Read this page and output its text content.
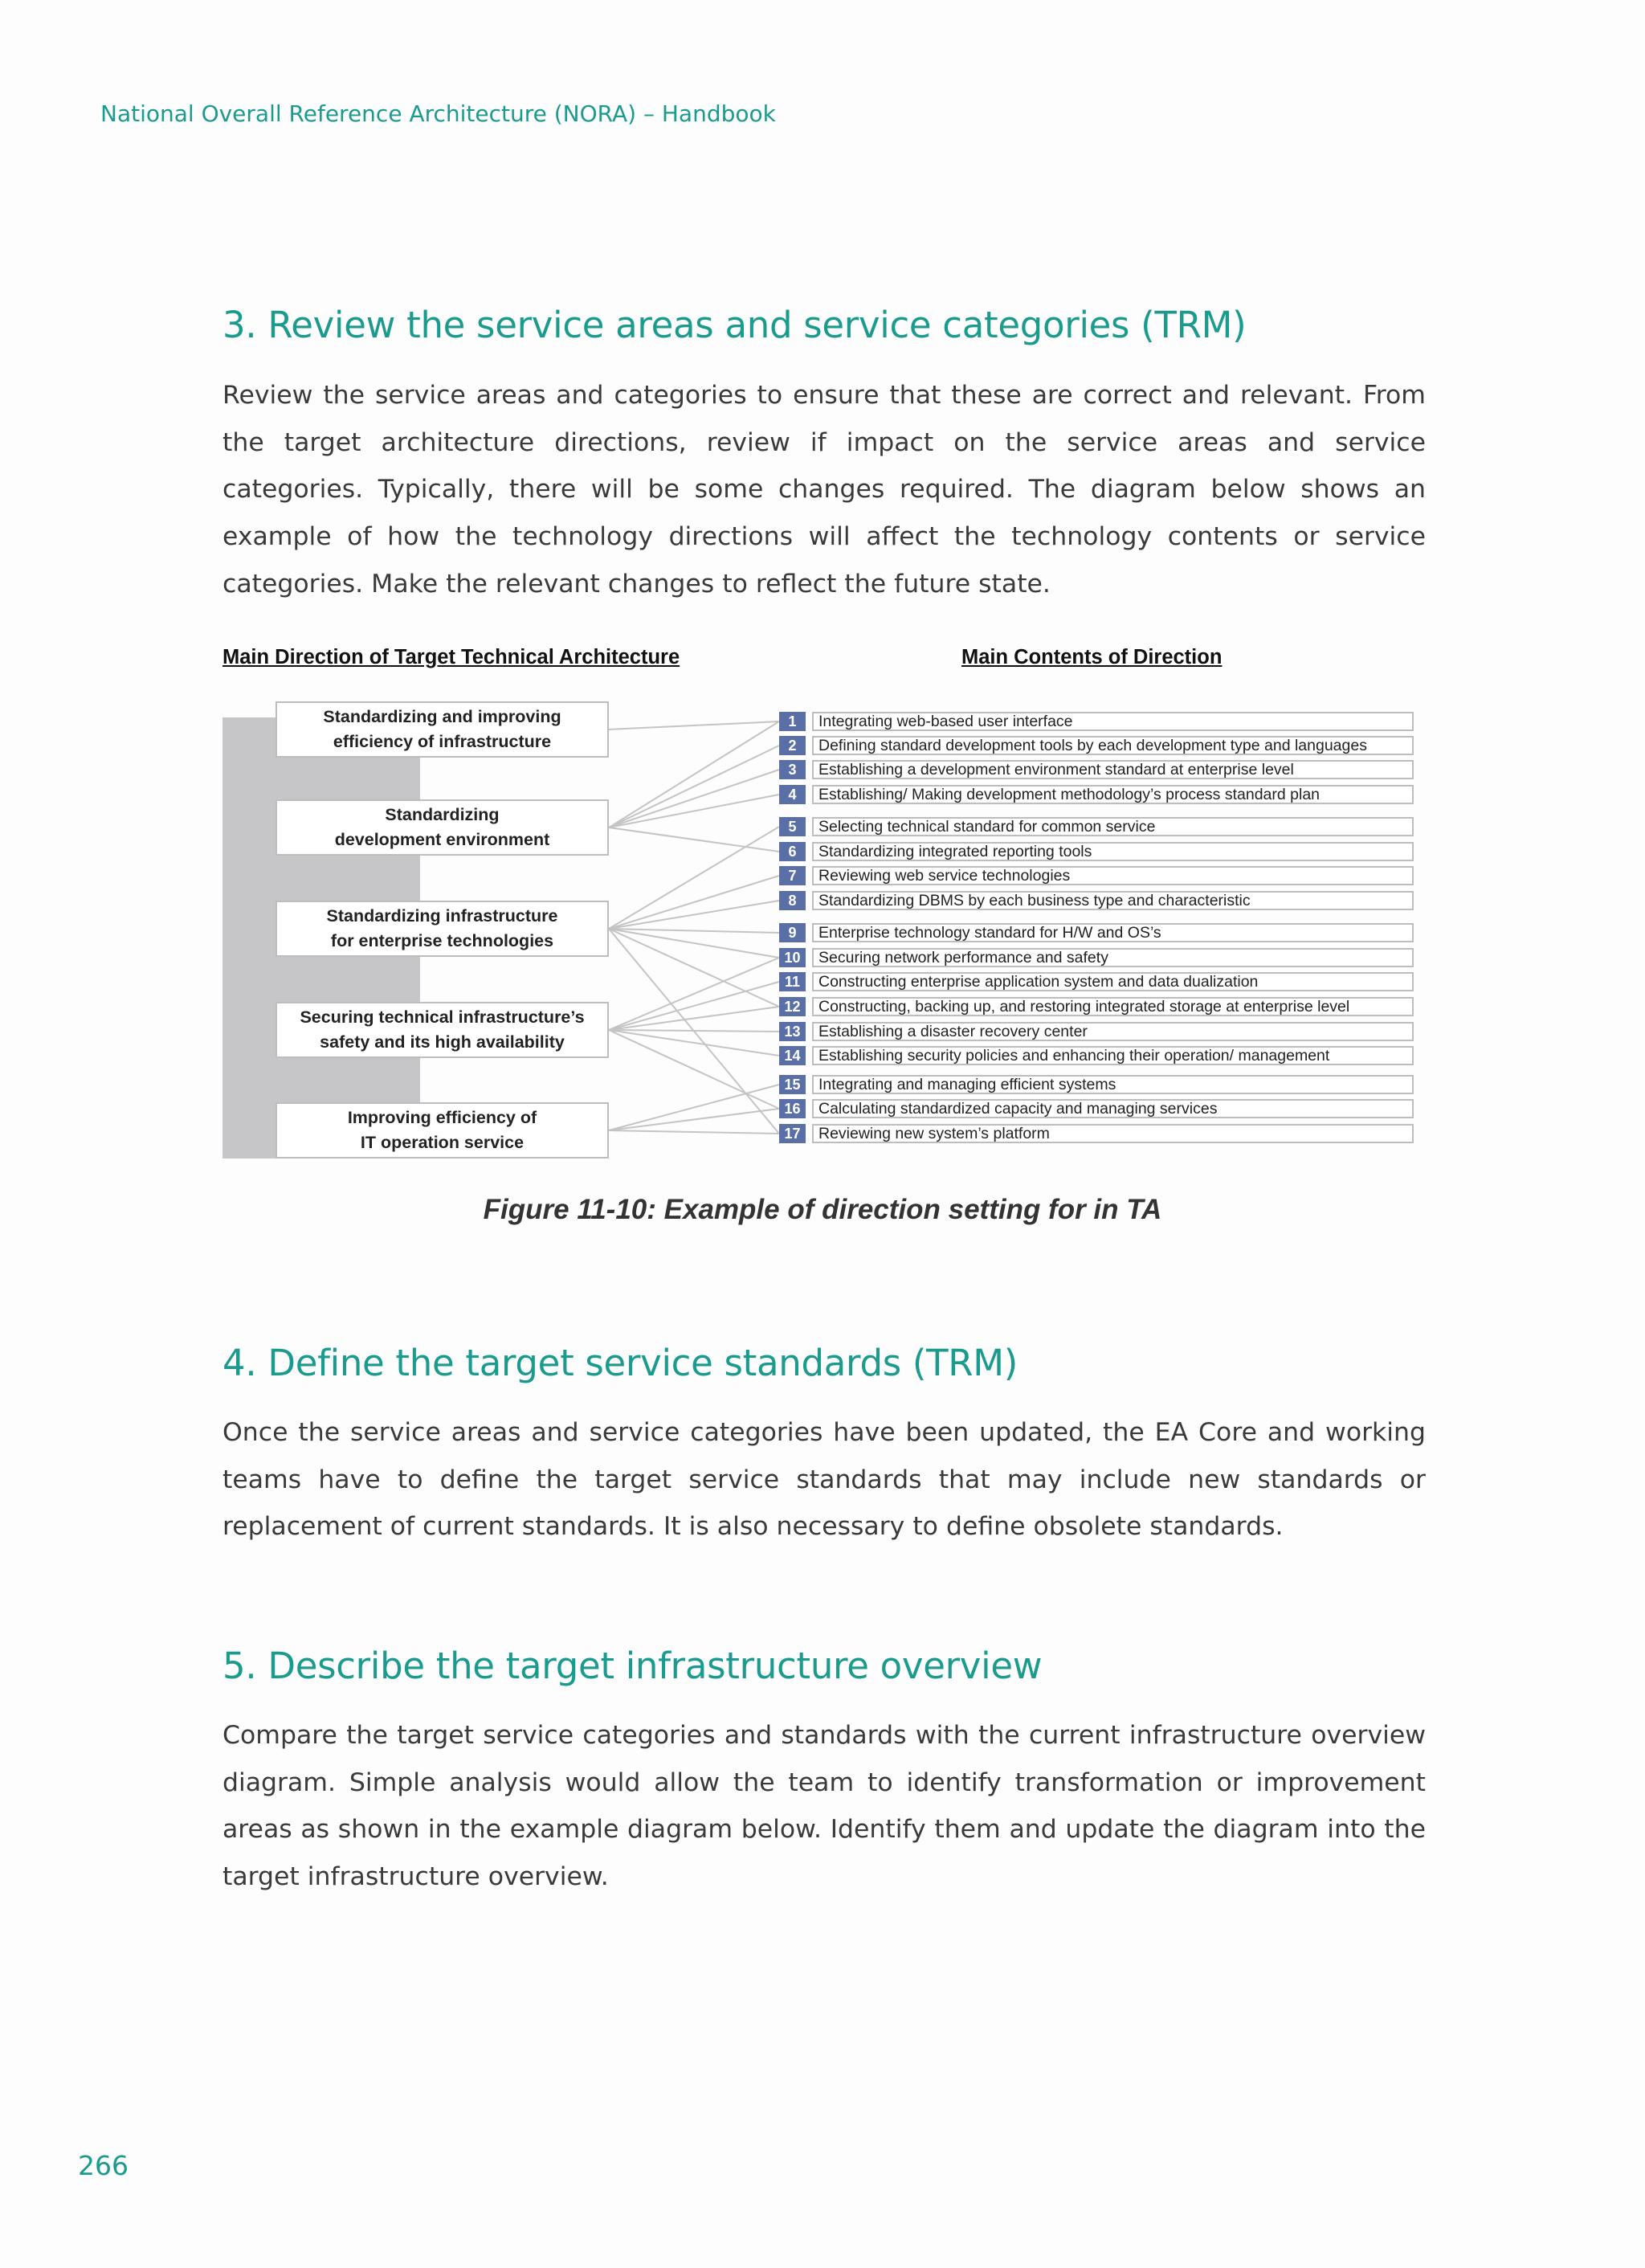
National Overall Reference Architecture (NORA) – Handbook
3. Review the service areas and service categories (TRM)

Review the service areas and categories to ensure that these are correct and relevant. From the target architecture directions, review if impact on the service areas and service categories. Typically, there will be some changes required. The diagram below shows an example of how the technology directions will affect the technology contents or service categories. Make the relevant changes to reflect the future state.

Main Direction of Target Technical Architecture	Main Contents of Direction
Standardizing and improving
efficiency of infrastructure
Standardizing
development environment
Standardizing infrastructure
for enterprise technologies
Securing technical infrastructure’s
safety and its high availability
Improving efficiency of
IT operation service
1	Integrating web-based user interface
2	Defining standard development tools by each development type and languages
3	Establishing a development environment standard at enterprise level
4	Establishing/ Making development methodology’s process standard plan
5	Selecting technical standard for common service
6	Standardizing integrated reporting tools
7	Reviewing web service technologies
8	Standardizing DBMS by each business type and characteristic
9	Enterprise technology standard for H/W and OS’s
10	Securing network performance and safety
11	Constructing enterprise application system and data dualization
12	Constructing, backing up, and restoring integrated storage at enterprise level
13	Establishing a disaster recovery center
14	Establishing security policies and enhancing their operation/ management
15	Integrating and managing efficient systems
16	Calculating standardized capacity and managing services
17	Reviewing new system’s platform
Figure 11-10: Example of direction setting for in TA
4. Define the target service standards (TRM)

Once the service areas and service categories have been updated, the EA Core and working teams have to define the target service standards that may include new standards or replacement of current standards. It is also necessary to define obsolete standards.

5. Describe the target infrastructure overview

Compare the target service categories and standards with the current infrastructure overview diagram. Simple analysis would allow the team to identify transformation or improvement areas as shown in the example diagram below. Identify them and update the diagram into the target infrastructure overview.

266
